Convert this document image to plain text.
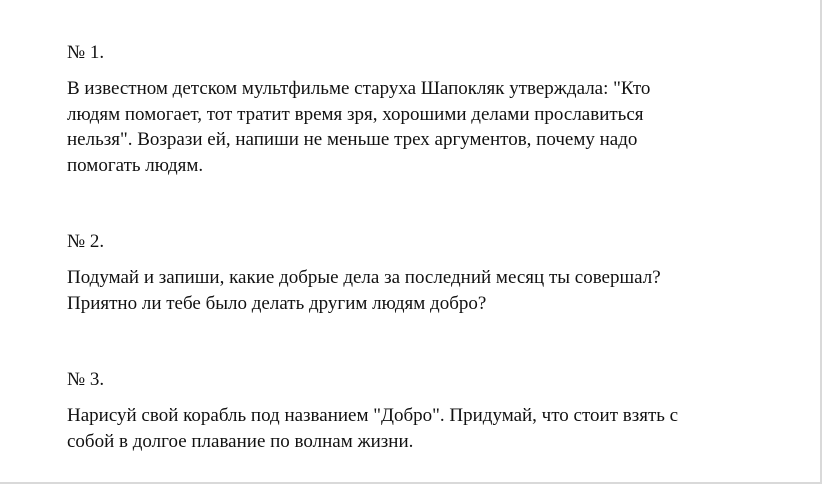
№ 1.

В известном детском мультфильме старуха Шапокляк утверждала: "Кто
людям помогает, тот тратит время зря, хорошими делами прославиться
нельзя". Возрази ей, напиши не меньше трех аргументов, почему надо
помогать людям.

№ 2.

Подумай и запиши, какие добрые дела за последний месяц ты совершал?
Приятно ли тебе было делать другим людям добро?

№ 3.

Нарисуй свой корабль под названием "Добро". Придумай, что стоит взять с
собой в долгое плавание по волнам жизни.
